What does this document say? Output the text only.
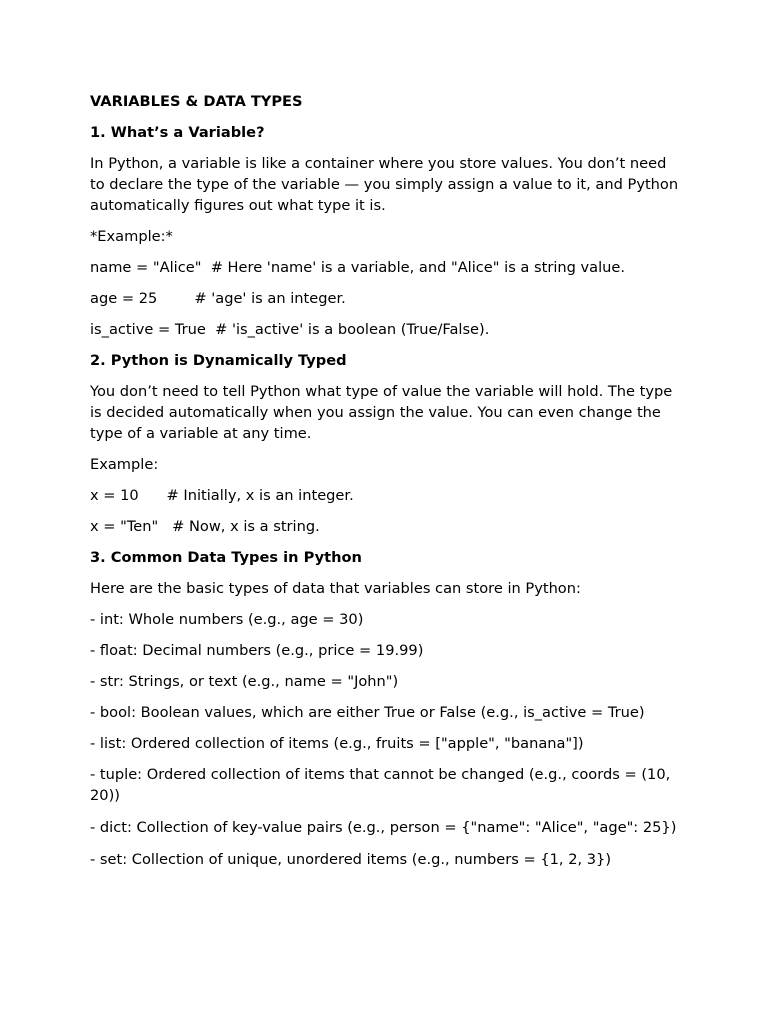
VARIABLES & DATA TYPES
1. What’s a Variable?

In Python, a variable is like a container where you store values. You don’t need to declare the type of the variable — you simply assign a value to it, and Python automatically figures out what type it is.

*Example:*

name = "Alice"  # Here 'name' is a variable, and "Alice" is a string value.

age = 25        # 'age' is an integer.

is_active = True  # 'is_active' is a boolean (True/False).

2. Python is Dynamically Typed

You don’t need to tell Python what type of value the variable will hold. The type is decided automatically when you assign the value. You can even change the type of a variable at any time.

Example:

x = 10      # Initially, x is an integer.

x = "Ten"   # Now, x is a string.

3. Common Data Types in Python

Here are the basic types of data that variables can store in Python:

- int: Whole numbers (e.g., age = 30)

- float: Decimal numbers (e.g., price = 19.99)

- str: Strings, or text (e.g., name = "John")

- bool: Boolean values, which are either True or False (e.g., is_active = True)

- list: Ordered collection of items (e.g., fruits = ["apple", "banana"])

- tuple: Ordered collection of items that cannot be changed (e.g., coords = (10, 20))

- dict: Collection of key-value pairs (e.g., person = {"name": "Alice", "age": 25})

- set: Collection of unique, unordered items (e.g., numbers = {1, 2, 3})
